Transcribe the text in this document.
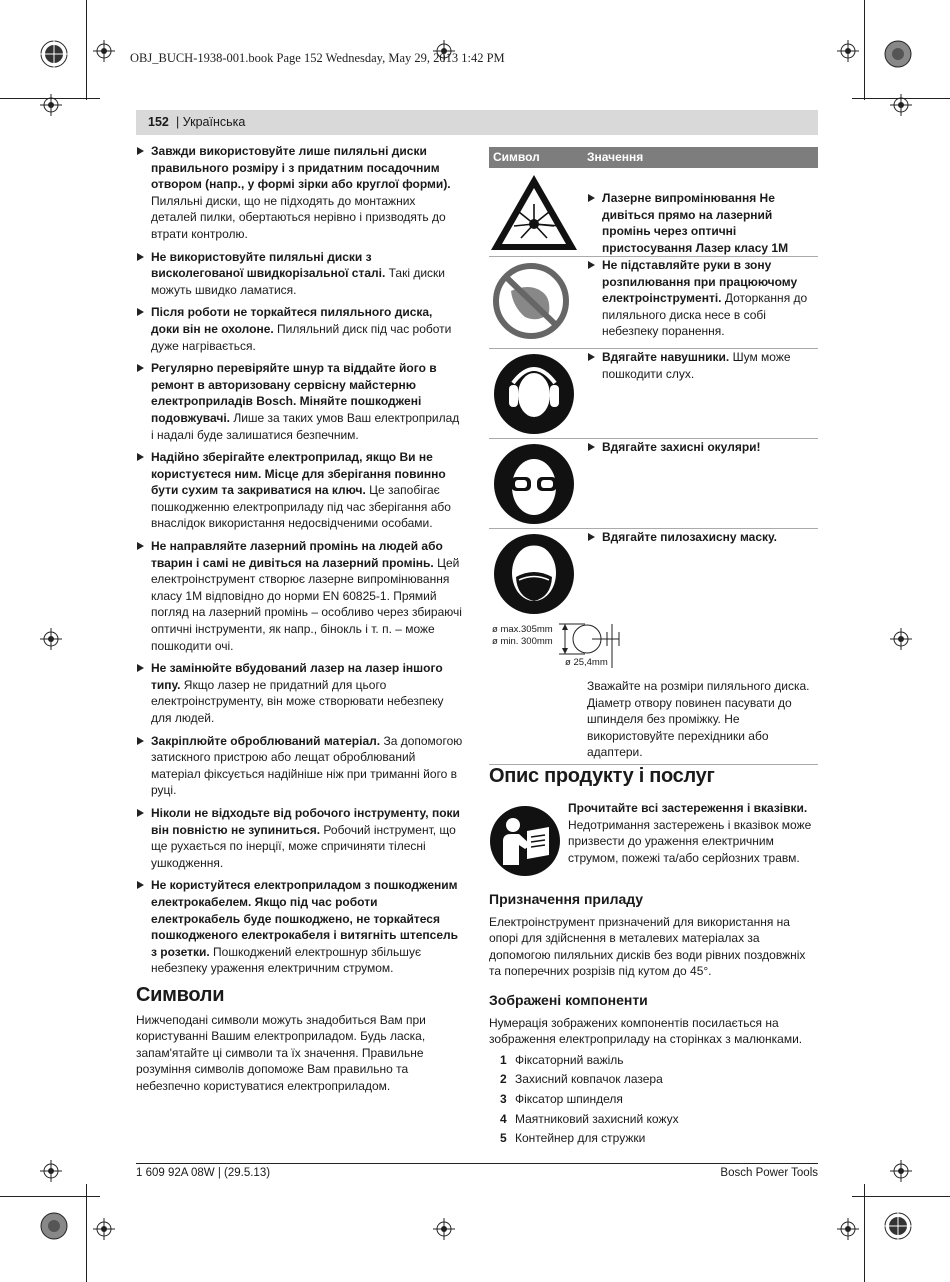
OBJ_BUCH-1938-001.book Page 152 Wednesday, May 29, 2013 1:42 PM
152 | Українська
Завжди використовуйте лише пиляльні диски правильного розміру і з придатним посадочним отвором (напр., у формі зірки або круглої форми). Пиляльні диски, що не підходять до монтажних деталей пилки, обертаються нерівно і призводять до втрати контролю.
Не використовуйте пиляльні диски з висколегованої швидкорізальної сталі. Такі диски можуть швидко ламатися.
Після роботи не торкайтеся пиляльного диска, доки він не охолоне. Пиляльний диск під час роботи дуже нагрівається.
Регулярно перевіряйте шнур та віддайте його в ремонт в авторизовану сервісну майстерню електроприладів Bosch. Міняйте пошкоджені подовжувачі. Лише за таких умов Ваш електроприлад і надалі буде залишатися безпечним.
Надійно зберігайте електроприлад, якщо Ви не користуєтеся ним. Місце для зберігання повинно бути сухим та закриватися на ключ. Це запобігає пошкодженню електроприладу під час зберігання або внаслідок використання недосвідченими особами.
Не направляйте лазерний промінь на людей або тварин і самі не дивіться на лазерний промінь. Цей електроінструмент створює лазерне випромінювання класу 1M відповідно до норми EN 60825-1. Прямий погляд на лазерний промінь – особливо через збираючі оптичні інструменти, як напр., бінокль і т. п. – може пошкодити очі.
Не замінюйте вбудований лазер на лазер іншого типу. Якщо лазер не придатний для цього електроінструменту, він може створювати небезпеку для людей.
Закріплюйте оброблюваний матеріал. За допомогою затискного пристрою або лещат оброблюваний матеріал фіксується надійніше ніж при триманні його в руці.
Ніколи не відходьте від робочого інструменту, поки він повністю не зупиниться. Робочий інструмент, що ще рухається по інерції, може спричиняти тілесні ушкодження.
Не користуйтеся електроприладом з пошкодженим електрокабелем. Якщо під час роботи електрокабель буде пошкоджено, не торкайтеся пошкодженого електрокабеля і витягніть штепсель з розетки. Пошкоджений електрошнур збільшує небезпеку ураження електричним струмом.
Символи
Нижчеподані символи можуть знадобиться Вам при користуванні Вашим електроприладом. Будь ласка, запам'ятайте ці символи та їх значення. Правильне розуміння символів допоможе Вам правильно та небезпечно користуватися електроприладом.
Символ	Значення
Лазерне випромінювання Не дивіться прямо на лазерний промінь через оптичні пристосування Лазер класу 1M
Не підставляйте руки в зону розпилювання при працюючому електроінструменті. Доторкання до пиляльного диска несе в собі небезпеку поранення.
Вдягайте навушники. Шум може пошкодити слух.
Вдягайте захисні окуляри!
Вдягайте пилозахисну маску.
ø max.305mm
ø min. 300mm
ø 25,4mm
Зважайте на розміри пиляльного диска. Діаметр отвору повинен пасувати до шпинделя без проміжку. Не використовуйте перехідники або адаптери.
Опис продукту і послуг
Прочитайте всі застереження і вказівки. Недотримання застережень і вказівок може призвести до ураження електричним струмом, пожежі та/або серйозних травм.
Призначення приладу
Електроінструмент призначений для використання на опорі для здійснення в металевих матеріалах за допомогою пиляльних дисків без води рівних поздовжніх та поперечних розрізів під кутом до 45°.
Зображені компоненти
Нумерація зображених компонентів посилається на зображення електроприладу на сторінках з малюнками.
1 Фіксаторний важіль
2 Захисний ковпачок лазера
3 Фіксатор шпинделя
4 Маятниковий захисний кожух
5 Контейнер для стружки
1 609 92A 08W | (29.5.13)	Bosch Power Tools
